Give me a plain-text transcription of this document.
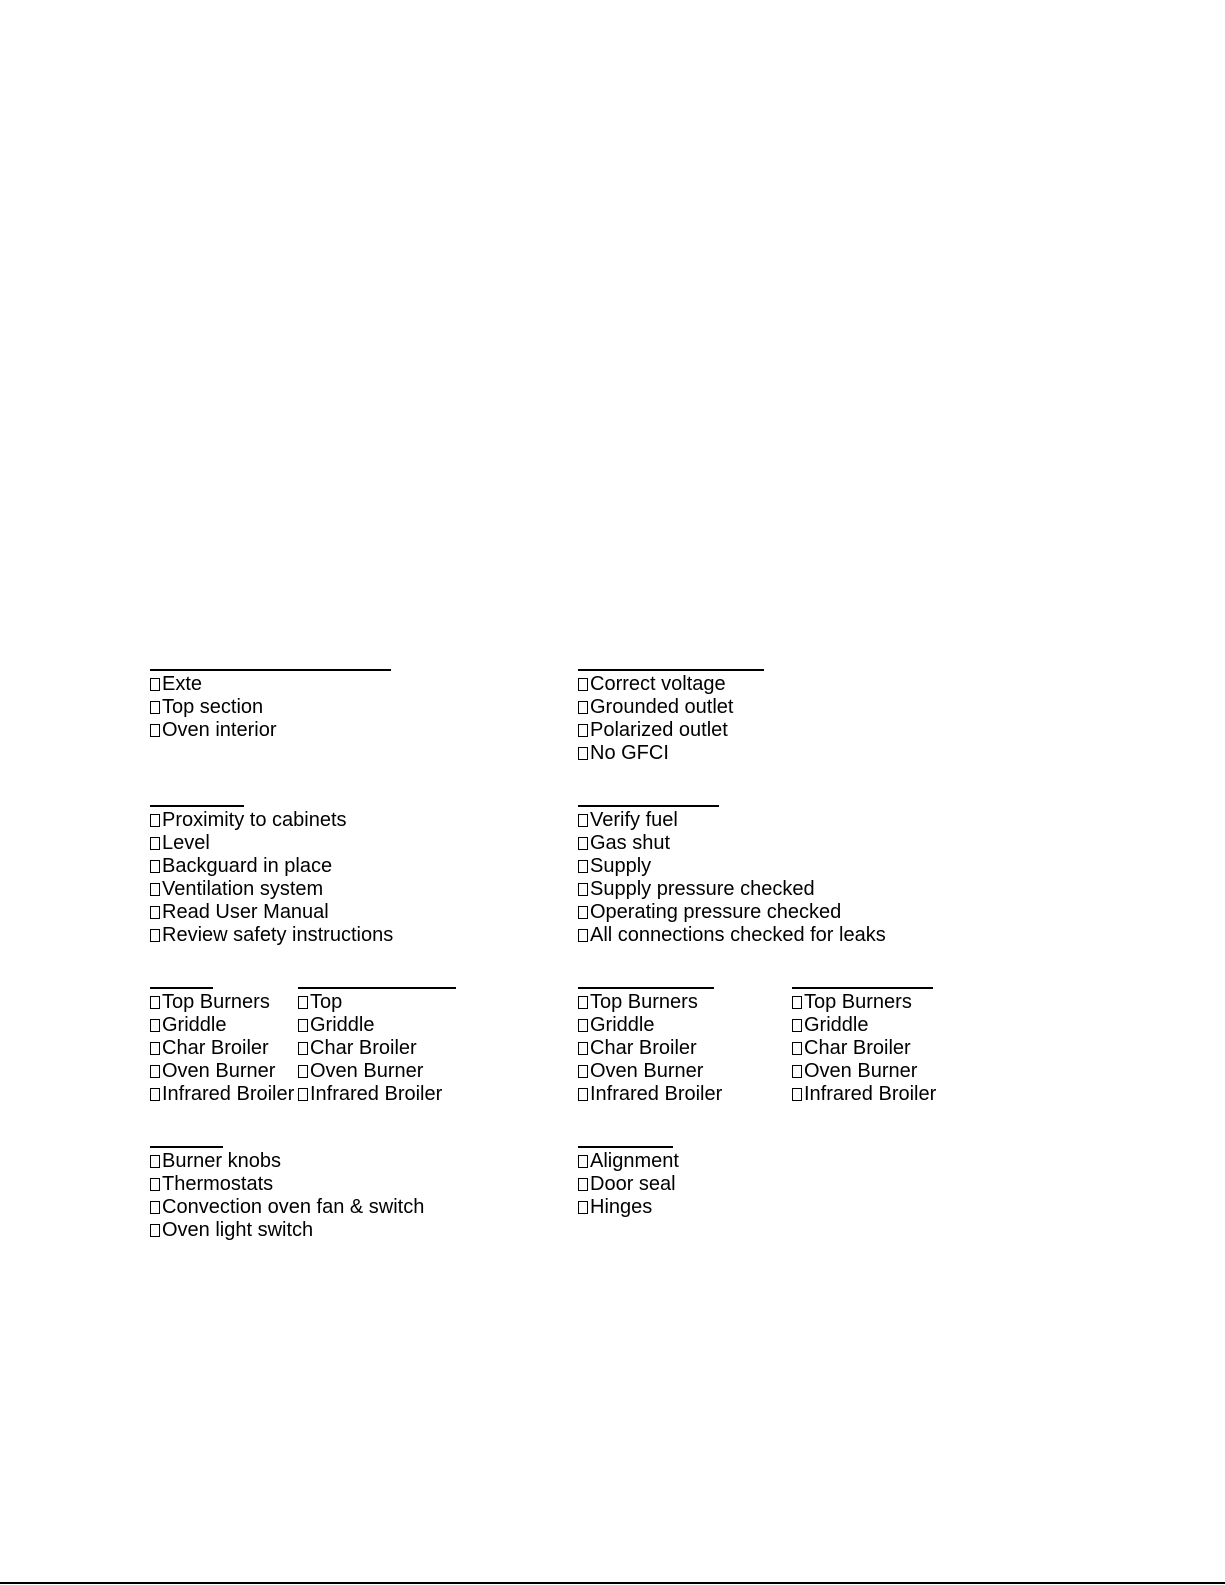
Exte
Top section
Oven interior
Correct voltage
Grounded outlet
Polarized outlet
No GFCI
Proximity to cabinets
Level
Backguard in place
Ventilation system
Read User Manual
Review safety instructions
Verify fuel
Gas shut
Supply
Supply pressure checked
Operating pressure checked
All connections checked for leaks
Top Burners
Griddle
Char Broiler
Oven Burner
Infrared Broiler
Top
Griddle
Char Broiler
Oven Burner
Infrared Broiler
Top Burners
Griddle
Char Broiler
Oven Burner
Infrared Broiler
Top Burners
Griddle
Char Broiler
Oven Burner
Infrared Broiler
Burner knobs
Thermostats
Convection oven fan & switch
Oven light switch
Alignment
Door seal
Hinges
